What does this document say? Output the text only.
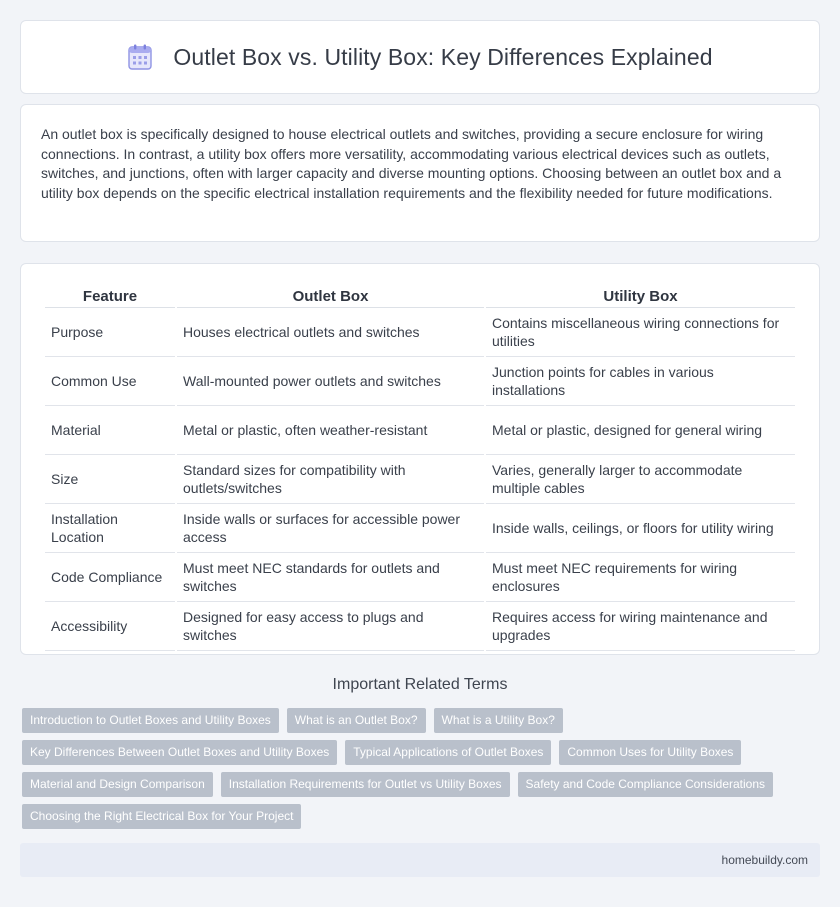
Outlet Box vs. Utility Box: Key Differences Explained

An outlet box is specifically designed to house electrical outlets and switches, providing a secure enclosure for wiring connections. In contrast, a utility box offers more versatility, accommodating various electrical devices such as outlets, switches, and junctions, often with larger capacity and diverse mounting options. Choosing between an outlet box and a utility box depends on the specific electrical installation requirements and the flexibility needed for future modifications.

Feature	Outlet Box	Utility Box
Purpose	Houses electrical outlets and switches	Contains miscellaneous wiring connections for utilities
Common Use	Wall-mounted power outlets and switches	Junction points for cables in various installations
Material	Metal or plastic, often weather-resistant	Metal or plastic, designed for general wiring
Size	Standard sizes for compatibility with outlets/switches	Varies, generally larger to accommodate multiple cables
Installation Location	Inside walls or surfaces for accessible power access	Inside walls, ceilings, or floors for utility wiring
Code Compliance	Must meet NEC standards for outlets and switches	Must meet NEC requirements for wiring enclosures
Accessibility	Designed for easy access to plugs and switches	Requires access for wiring maintenance and upgrades
Important Related Terms
Introduction to Outlet Boxes and Utility Boxes	What is an Outlet Box?	What is a Utility Box?
Key Differences Between Outlet Boxes and Utility Boxes	Typical Applications of Outlet Boxes	Common Uses for Utility Boxes
Material and Design Comparison	Installation Requirements for Outlet vs Utility Boxes	Safety and Code Compliance Considerations
Choosing the Right Electrical Box for Your Project
homebuildy.com
